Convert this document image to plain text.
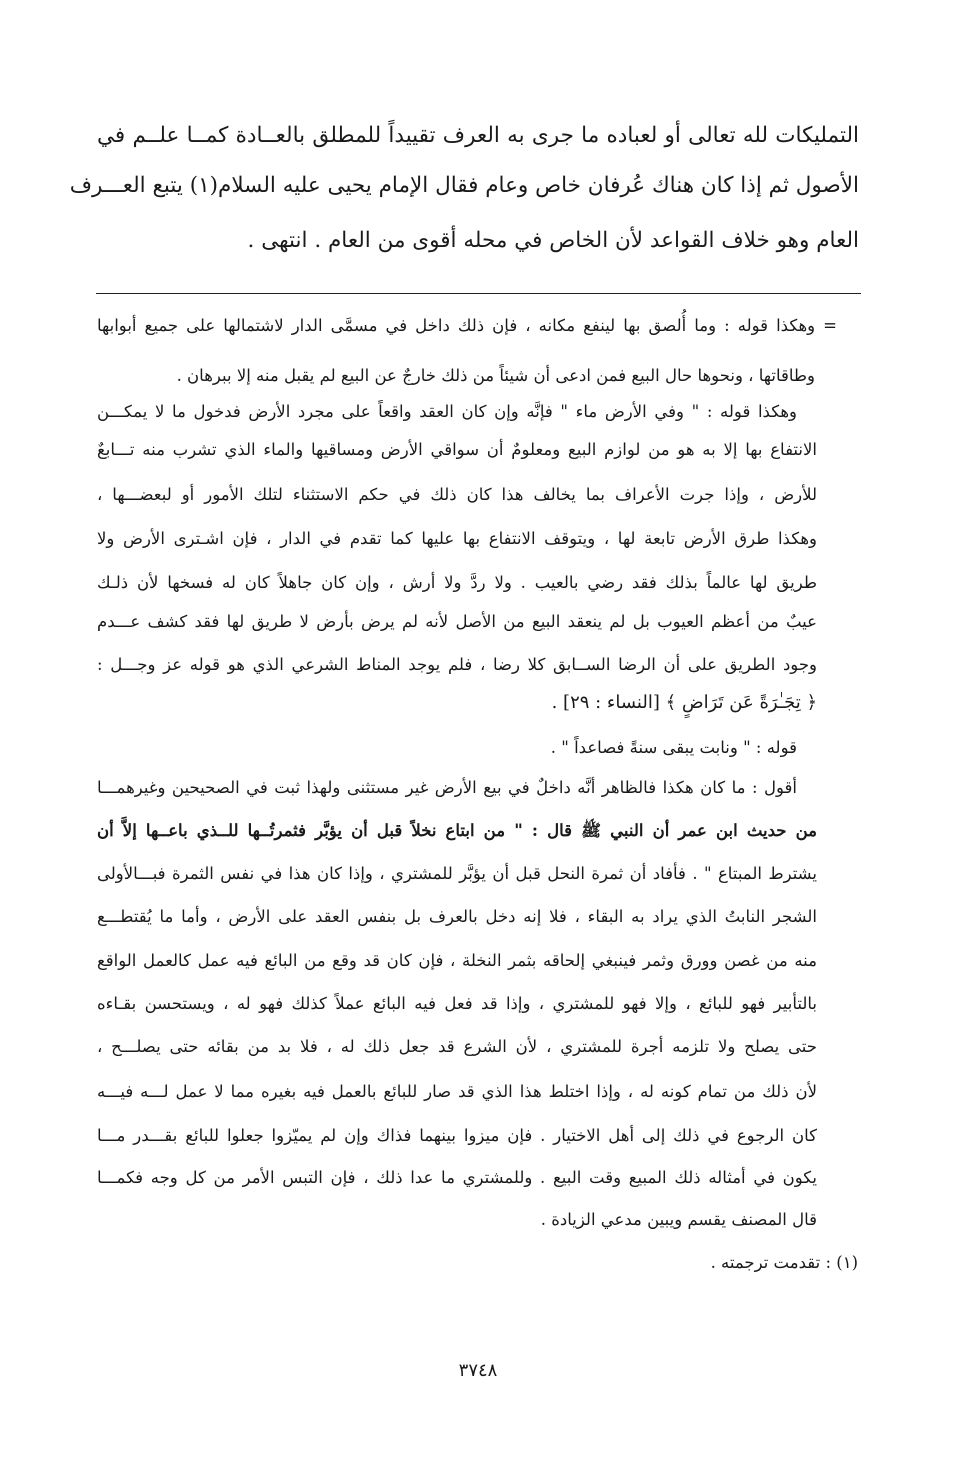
التمليكات لله تعالى أو لعباده ما جرى به العرف تقييداً للمطلق بالعــادة كمــا علــم في
الأصول ثم إذا كان هناك عُرفان خاص وعام فقال الإمام يحيى عليه السلام(١) يتبع العـــرف
العام وهو خلاف القواعد لأن الخاص في محله أقوى من العام . انتهى .
= وهكذا قوله : وما أُلصق بها لينفع مكانه ، فإن ذلك داخل في مسمَّى الدار لاشتمالها على جميع أبوابها
وطاقاتها ، ونحوها حال البيع فمن ادعى أن شيئاً من ذلك خارجٌ عن البيع لم يقبل منه إلا ببرهان .
وهكذا قوله : " وفي الأرض ماء " فإنَّه وإن كان العقد واقعاً على مجرد الأرض فدخول ما لا يمكـــن
الانتفاع بها إلا به هو من لوازم البيع ومعلومٌ أن سواقي الأرض ومساقيها والماء الذي تشرب منه تـــابعٌ
للأرض ، وإذا جرت الأعراف بما يخالف هذا كان ذلك في حكم الاستثناء لتلك الأمور أو لبعضـــها ،
وهكذا طرق الأرض تابعة لها ، ويتوقف الانتفاع بها عليها كما تقدم في الدار ، فإن اشـترى الأرض ولا
طريق لها عالماً بذلك فقد رضي بالعيب . ولا ردَّ ولا أرش ، وإن كان جاهلاً كان له فسخها لأن ذلـك
عيبٌ من أعظم العيوب بل لم ينعقد البيع من الأصل لأنه لم يرض بأرض لا طريق لها فقد كشف عـــدم
وجود الطريق على أن الرضا الســابق كلا رضا ، فلم يوجد المناط الشرعي الذي هو قوله عز وجـــل :
﴿ تِجَـٰرَةً عَن تَرَاضٍ ﴾ [النساء : ٢٩] .
قوله : " ونابت يبقى سنةً فصاعداً " .
أقول : ما كان هكذا فالظاهر أنَّه داخلٌ في بيع الأرض غير مستثنى ولهذا ثبت في الصحيحين وغيرهمـــا
من حديث ابن عمر أن النبي ﷺ قال : " من ابتاع نخلاً قبل أن يؤبَّر فثمرتُــها للــذي باعــها إلاَّ أن
يشترط المبتاع " . فأفاد أن ثمرة النحل قبل أن يؤبَّر للمشتري ، وإذا كان هذا في نفس الثمرة فبـــالأولى
الشجر النابتُ الذي يراد به البقاء ، فلا إنه دخل بالعرف بل بنفس العقد على الأرض ، وأما ما يُقتطـــع
منه من غصن وورق وثمر فينبغي إلحاقه بثمر النخلة ، فإن كان قد وقع من البائع فيه عمل كالعمل الواقع
بالتأبير فهو للبائع ، وإلا فهو للمشتري ، وإذا قد فعل فيه البائع عملاً كذلك فهو له ، ويستحسن بقـاءه
حتى يصلح ولا تلزمه أجرة للمشتري ، لأن الشرع قد جعل ذلك له ، فلا بد من بقائه حتى يصلـــح ،
لأن ذلك من تمام كونه له ، وإذا اختلط هذا الذي قد صار للبائع بالعمل فيه بغيره مما لا عمل لـــه فيـــه
كان الرجوع في ذلك إلى أهل الاختيار . فإن ميزوا بينهما فذاك وإن لم يميّزوا جعلوا للبائع بقـــدر مـــا
يكون في أمثاله ذلك المبيع وقت البيع . وللمشتري ما عدا ذلك ، فإن التبس الأمر من كل وجه فكمـــا
قال المصنف يقسم ويبين مدعي الزيادة .
(١) : تقدمت ترجمته .
٣٧٤٨
